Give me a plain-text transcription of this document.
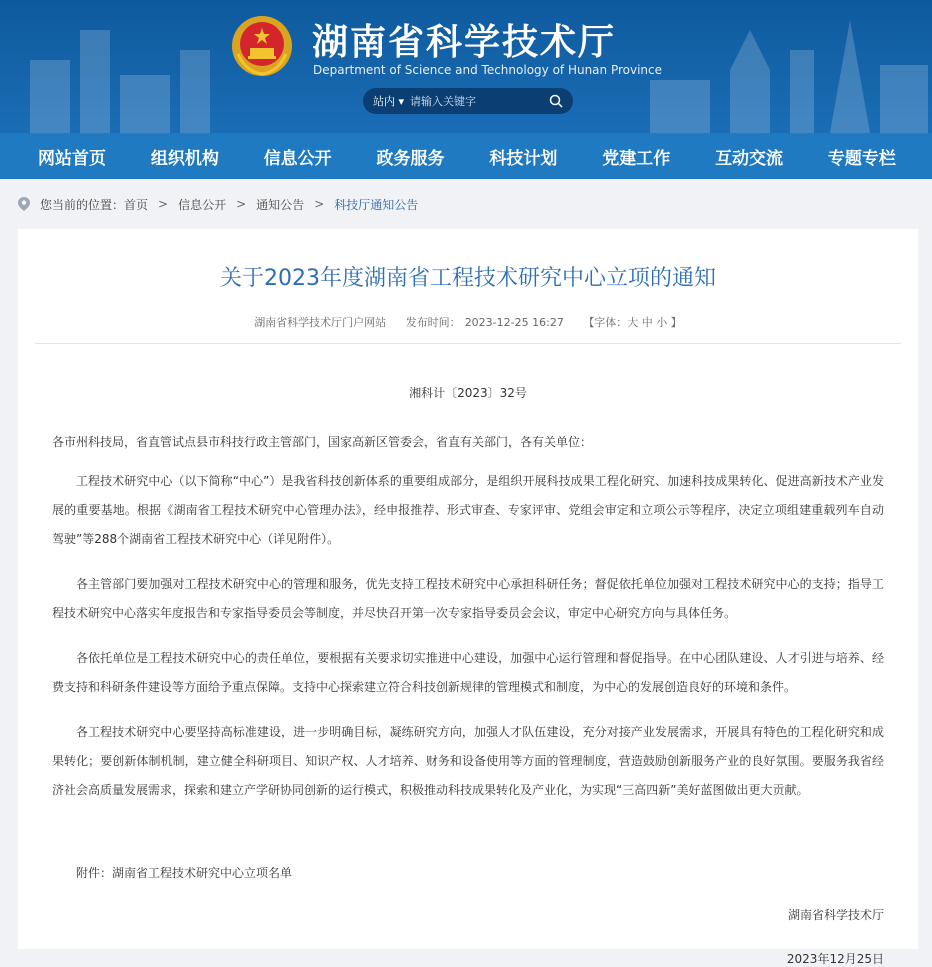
湖南省科学技术厅
Department of Science and Technology of Hunan Province
站内 ▾
请输入关键字
网站首页	组织机构	信息公开	政务服务	科技计划	党建工作	互动交流	专题专栏
您当前的位置： 首页 > 信息公开 > 通知公告 > 科技厅通知公告
关于2023年度湖南省工程技术研究中心立项的通知
湖南省科学技术厅门户网站 发布时间： 2023-12-25 16:27 【字体：大 中 小 】
湘科计〔2023〕32号
各市州科技局，省直管试点县市科技行政主管部门，国家高新区管委会，省直有关部门，各有关单位：
工程技术研究中心（以下简称“中心”）是我省科技创新体系的重要组成部分，是组织开展科技成果工程化研究、加速科技成果转化、促进高新技术产业发展的重要基地。根据《湖南省工程技术研究中心管理办法》，经申报推荐、形式审查、专家评审、党组会审定和立项公示等程序，决定立项组建重载列车自动驾驶”等288个湖南省工程技术研究中心（详见附件）。
各主管部门要加强对工程技术研究中心的管理和服务，优先支持工程技术研究中心承担科研任务；督促依托单位加强对工程技术研究中心的支持；指导工程技术研究中心落实年度报告和专家指导委员会等制度，并尽快召开第一次专家指导委员会会议，审定中心研究方向与具体任务。
各依托单位是工程技术研究中心的责任单位，要根据有关要求切实推进中心建设，加强中心运行管理和督促指导。在中心团队建设、人才引进与培养、经费支持和科研条件建设等方面给予重点保障。支持中心探索建立符合科技创新规律的管理模式和制度，为中心的发展创造良好的环境和条件。
各工程技术研究中心要坚持高标准建设，进一步明确目标，凝练研究方向，加强人才队伍建设，充分对接产业发展需求，开展具有特色的工程化研究和成果转化；要创新体制机制，建立健全科研项目、知识产权、人才培养、财务和设备使用等方面的管理制度，营造鼓励创新服务产业的良好氛围。要服务我省经济社会高质量发展需求，探索和建立产学研协同创新的运行模式，积极推动科技成果转化及产业化，为实现“三高四新”美好蓝图做出更大贡献。
附件：湖南省工程技术研究中心立项名单
湖南省科学技术厅
2023年12月25日
